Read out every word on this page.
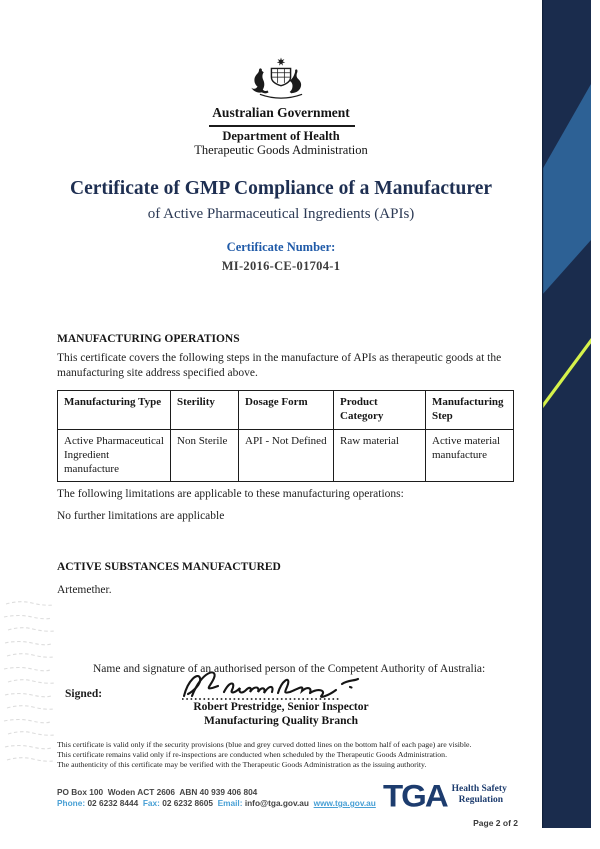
Australian Government
Department of Health
Therapeutic Goods Administration
Certificate of GMP Compliance of a Manufacturer
of Active Pharmaceutical Ingredients (APIs)
Certificate Number:
MI-2016-CE-01704-1
MANUFACTURING OPERATIONS
This certificate covers the following steps in the manufacture of APIs as therapeutic goods at the
manufacturing site address specified above.
Manufacturing Type	Sterility	Dosage Form	Product Category	Manufacturing Step
Active Pharmaceutical Ingredient manufacture	Non Sterile	API - Not Defined	Raw material	Active material manufacture
The following limitations are applicable to these manufacturing operations:
No further limitations are applicable
ACTIVE SUBSTANCES MANUFACTURED
Artemether.
Name and signature of an authorised person of the Competent Authority of Australia:
Signed:
Robert Prestridge, Senior Inspector
Manufacturing Quality Branch
This certificate is valid only if the security provisions (blue and grey curved dotted lines on the bottom half of each page) are visible.
This certificate remains valid only if re-inspections are conducted when scheduled by the Therapeutic Goods Administration.
The authenticity of this certificate may be verified with the Therapeutic Goods Administration as the issuing authority.
PO Box 100  Woden ACT 2606  ABN 40 939 406 804
Phone: 02 6232 8444 Fax: 02 6232 8605 Email: info@tga.gov.au www.tga.gov.au TGA Health Safety
Regulation
Page 2 of 2
